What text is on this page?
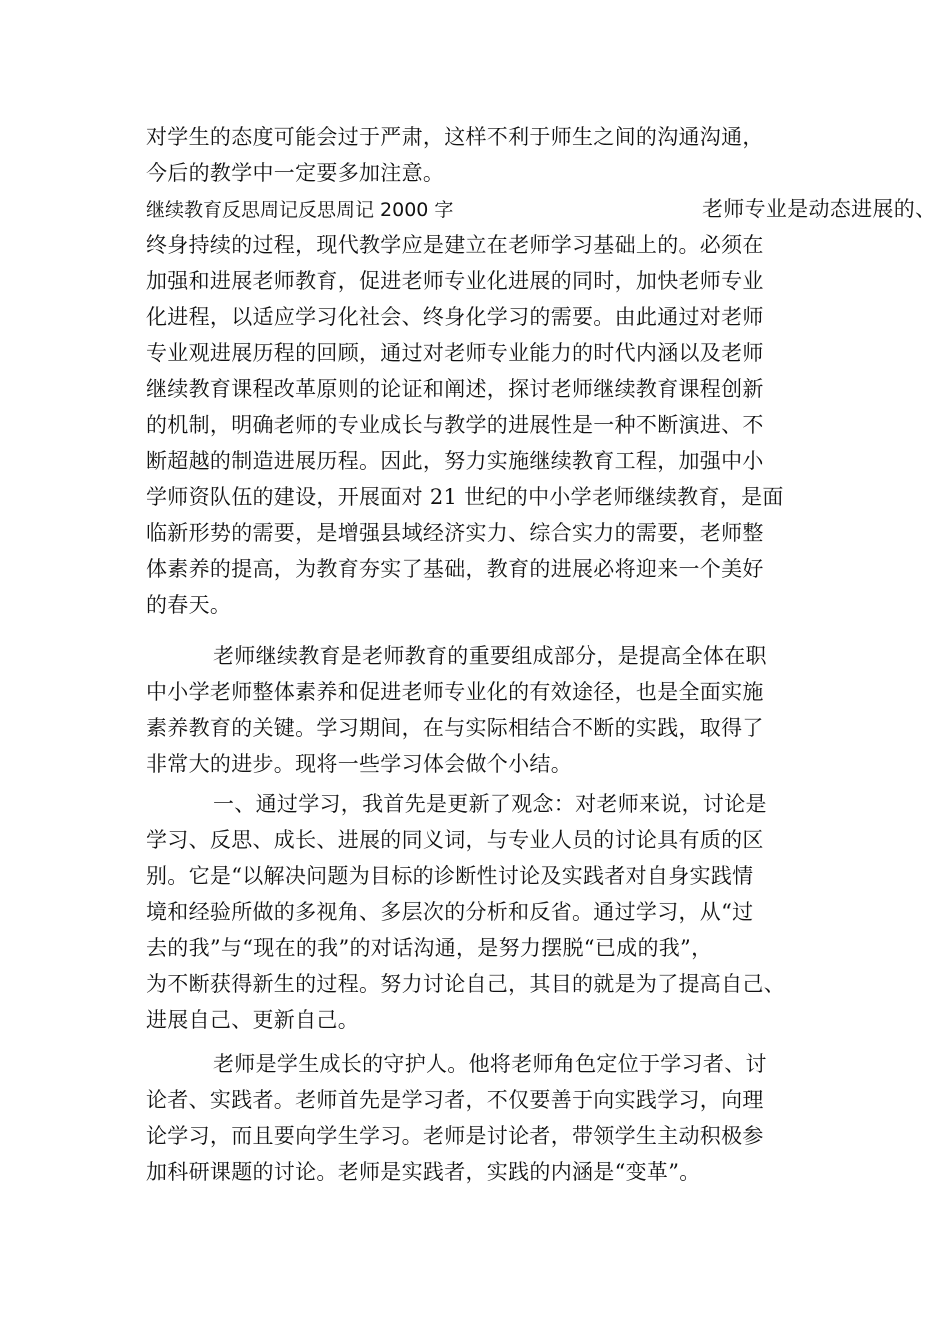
对学生的态度可能会过于严肃，这样不利于师生之间的沟通沟通，
今后的教学中一定要多加注意。
继续教育反思周记反思周记 2000 字	老师专业是动态进展的、
终身持续的过程，现代教学应是建立在老师学习基础上的。必须在
加强和进展老师教育，促进老师专业化进展的同时，加快老师专业
化进程，以适应学习化社会、终身化学习的需要。由此通过对老师
专业观进展历程的回顾，通过对老师专业能力的时代内涵以及老师
继续教育课程改革原则的论证和阐述，探讨老师继续教育课程创新
的机制，明确老师的专业成长与教学的进展性是一种不断演进、不
断超越的制造进展历程。因此，努力实施继续教育工程，加强中小
学师资队伍的建设，开展面对 21 世纪的中小学老师继续教育，是面
临新形势的需要，是增强县域经济实力、综合实力的需要，老师整
体素养的提高，为教育夯实了基础，教育的进展必将迎来一个美好
的春天。
老师继续教育是老师教育的重要组成部分，是提高全体在职
中小学老师整体素养和促进老师专业化的有效途径，也是全面实施
素养教育的关键。学习期间，在与实际相结合不断的实践，取得了
非常大的进步。现将一些学习体会做个小结。
一、通过学习，我首先是更新了观念：对老师来说，讨论是
学习、反思、成长、进展的同义词，与专业人员的讨论具有质的区
别。它是“以解决问题为目标的诊断性讨论及实践者对自身实践情
境和经验所做的多视角、多层次的分析和反省。通过学习，从“过
去的我”与“现在的我”的对话沟通，是努力摆脱“已成的我”，
为不断获得新生的过程。努力讨论自己，其目的就是为了提高自己、
进展自己、更新自己。
老师是学生成长的守护人。他将老师角色定位于学习者、讨
论者、实践者。老师首先是学习者，不仅要善于向实践学习，向理
论学习，而且要向学生学习。老师是讨论者，带领学生主动积极参
加科研课题的讨论。老师是实践者，实践的内涵是“变革”。
